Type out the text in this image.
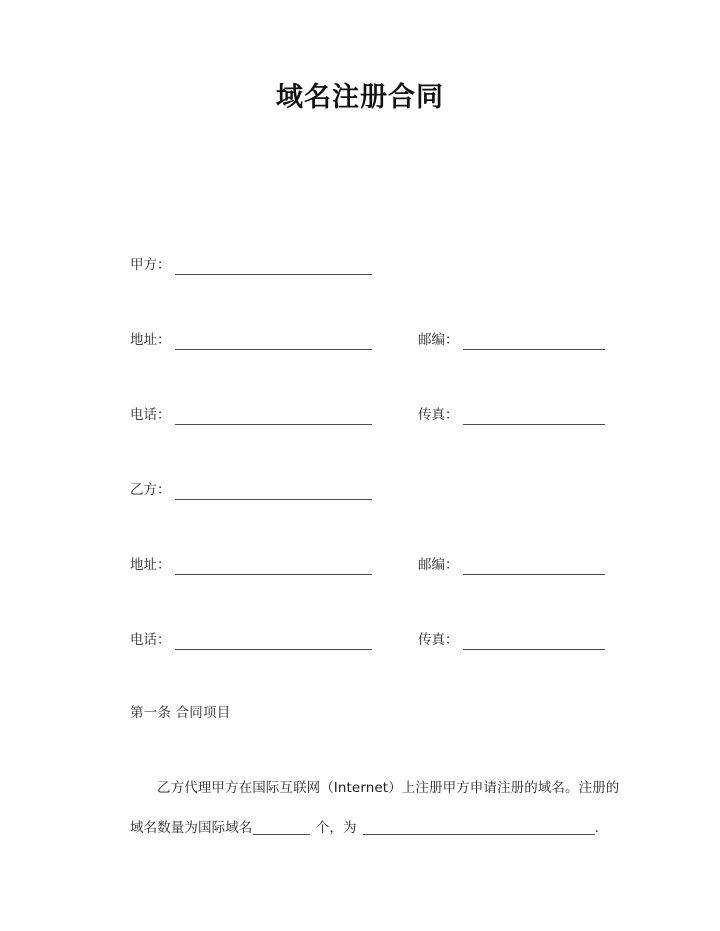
域名注册合同
甲方：
地址：	邮编：
电话：	传真：
乙方：
地址：	邮编：
电话：	传真：
第一条 合同项目
乙方代理甲方在国际互联网（Internet）上注册甲方申请注册的域名。注册的
域名数量为国际域名	个，为	.
